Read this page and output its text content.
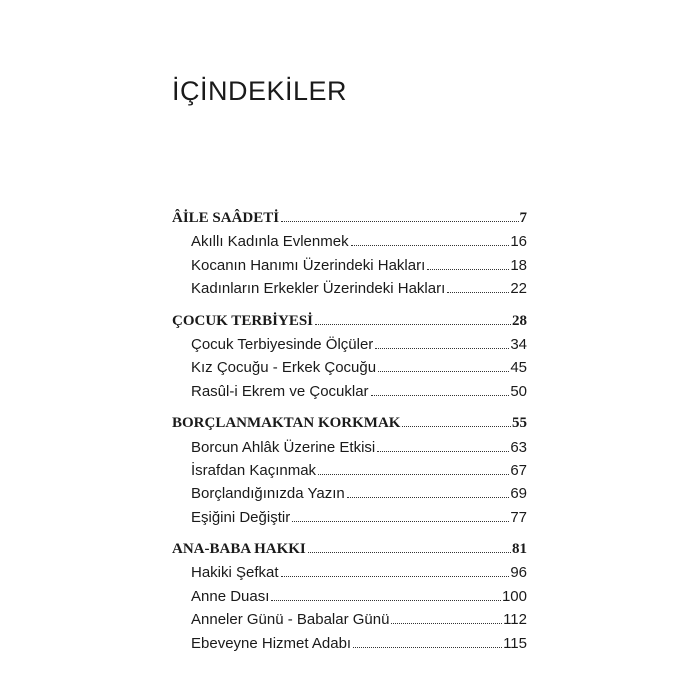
İÇİNDEKİLER
ÂİLE SAÂDETİ	7
Akıllı Kadınla Evlenmek	16
Kocanın Hanımı Üzerindeki Hakları	18
Kadınların Erkekler Üzerindeki Hakları	22
ÇOCUK TERBİYESİ	28
Çocuk Terbiyesinde Ölçüler	34
Kız Çocuğu - Erkek Çocuğu	45
Rasûl-i Ekrem ve Çocuklar	50
BORÇLANMAKTAN KORKMAK	55
Borcun Ahlâk Üzerine Etkisi	63
İsrafdan Kaçınmak	67
Borçlandığınızda Yazın	69
Eşiğini Değiştir	77
ANA-BABA HAKKI	81
Hakiki Şefkat	96
Anne Duası	100
Anneler Günü - Babalar Günü	112
Ebeveyne Hizmet Adabı	115
